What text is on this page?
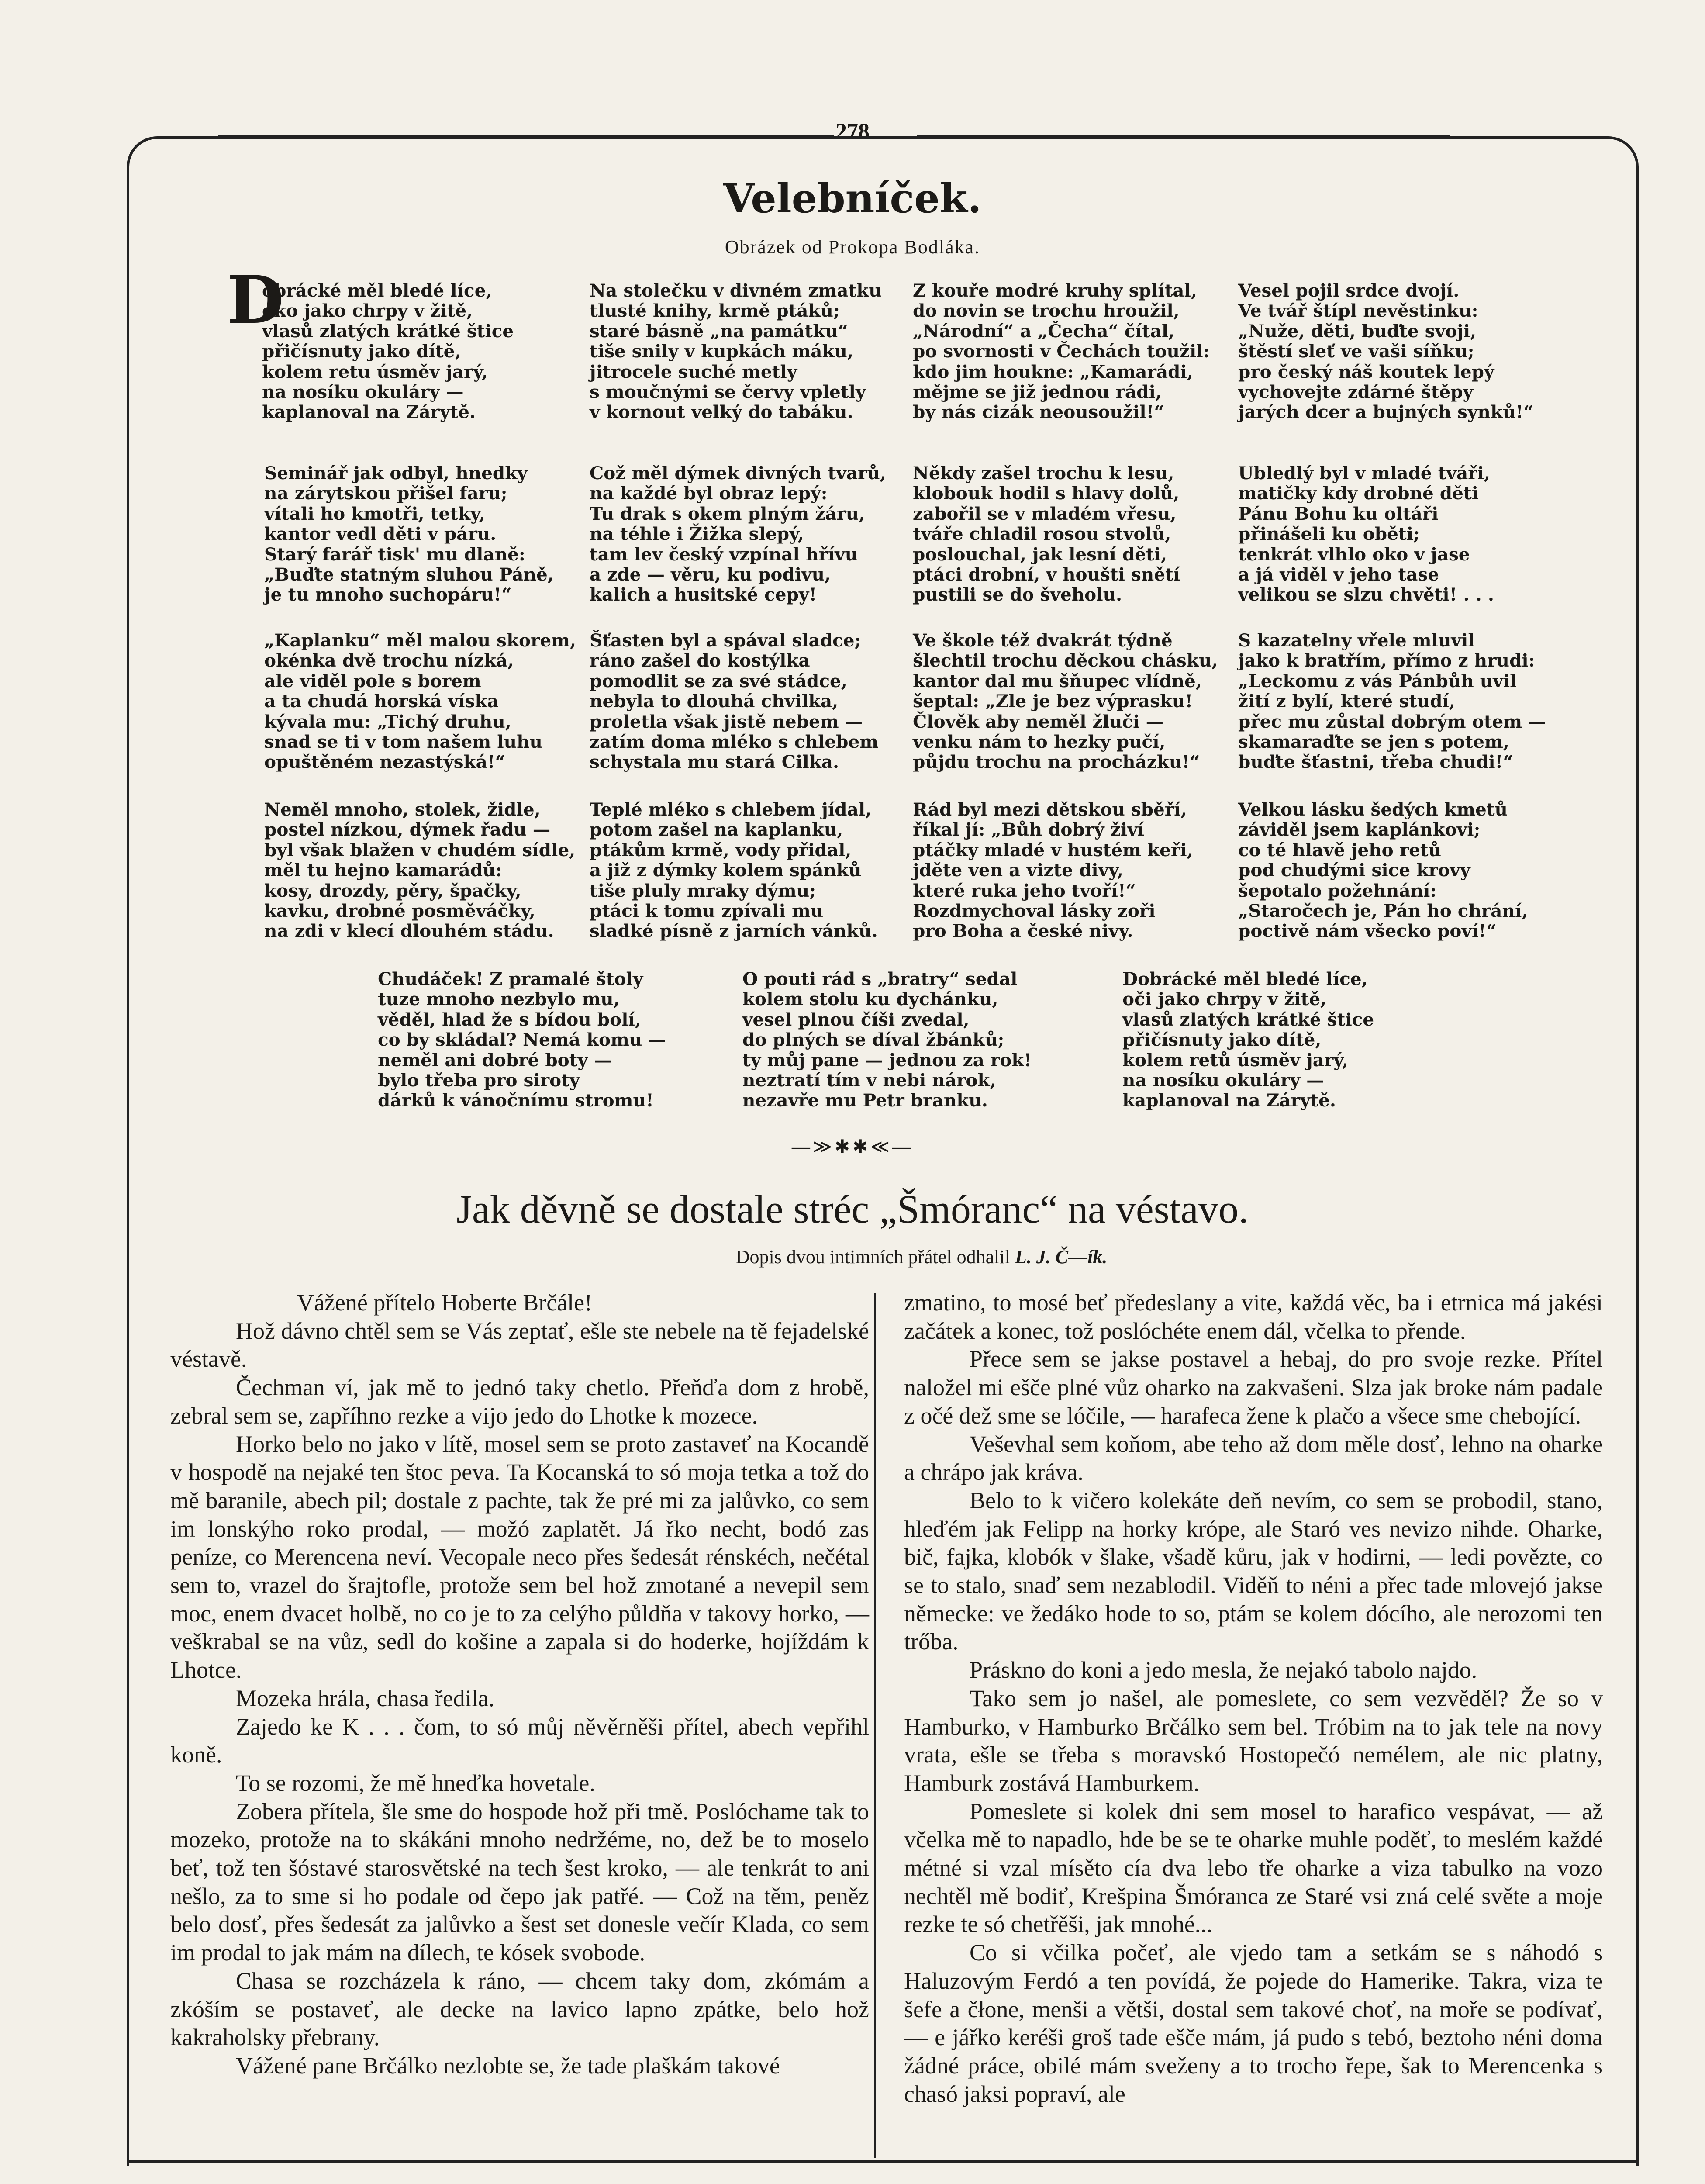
278
Velebníček.
Obrázek od Prokopa Bodláka.
D
obrácké měl bledé líce,
oko jako chrpy v žitě,
vlasů zlatých krátké štice
přičísnuty jako dítě,
kolem retu úsměv jarý,
na nosíku okuláry —
kaplanoval na Zárytě.
Na stolečku v divném zmatku
tlusté knihy, krmě ptáků;
staré básně „na památku“
tiše snily v kupkách máku,
jitrocele suché metly
s moučnými se červy vpletly
v kornout velký do tabáku.
Z kouře modré kruhy splítal,
do novin se trochu hroužil,
„Národní“ a „Čecha“ čítal,
po svornosti v Čechách toužil:
kdo jim houkne: „Kamarádi,
mějme se již jednou rádi,
by nás cizák neousoužil!“
Vesel pojil srdce dvojí.
Ve tvář štípl nevěstinku:
„Nuže, děti, buďte svoji,
štěstí sleť ve vaši síňku;
pro český náš koutek lepý
vychovejte zdárné štěpy
jarých dcer a bujných synků!“
Seminář jak odbyl, hnedky
na zárytskou přišel faru;
vítali ho kmotři, tetky,
kantor vedl děti v páru.
Starý farář tisk' mu dlaně:
„Buďte statným sluhou Páně,
je tu mnoho suchopáru!“
Což měl dýmek divných tvarů,
na každé byl obraz lepý:
Tu drak s okem plným žáru,
na téhle i Žižka slepý,
tam lev český vzpínal hřívu
a zde — věru, ku podivu,
kalich a husitské cepy!
Někdy zašel trochu k lesu,
klobouk hodil s hlavy dolů,
zabořil se v mladém vřesu,
tváře chladil rosou stvolů,
poslouchal, jak lesní děti,
ptáci drobní, v houšti snětí
pustili se do šveholu.
Ubledlý byl v mladé tváři,
matičky kdy drobné děti
Pánu Bohu ku oltáři
přinášeli ku oběti;
tenkrát vlhlo oko v jase
a já viděl v jeho tase
velikou se slzu chvěti! . . .
„Kaplanku“ měl malou skorem,
okénka dvě trochu nízká,
ale viděl pole s borem
a ta chudá horská víska
kývala mu: „Tichý druhu,
snad se ti v tom našem luhu
opuštěném nezastýská!“
Šťasten byl a spával sladce;
ráno zašel do kostýlka
pomodlit se za své stádce,
nebyla to dlouhá chvilka,
proletla však jistě nebem —
zatím doma mléko s chlebem
schystala mu stará Cilka.
Ve škole též dvakrát týdně
šlechtil trochu děckou chásku,
kantor dal mu šňupec vlídně,
šeptal: „Zle je bez výprasku!
Člověk aby neměl žluči —
venku nám to hezky pučí,
půjdu trochu na procházku!“
S kazatelny vřele mluvil
jako k bratřím, přímo z hrudi:
„Leckomu z vás Pánbůh uvil
žití z bylí, které studí,
přec mu zůstal dobrým otem —
skamaraďte se jen s potem,
buďte šťastni, třeba chudi!“
Neměl mnoho, stolek, židle,
postel nízkou, dýmek řadu —
byl však blažen v chudém sídle,
měl tu hejno kamarádů:
kosy, drozdy, pěry, špačky,
kavku, drobné posměváčky,
na zdi v klecí dlouhém stádu.
Teplé mléko s chlebem jídal,
potom zašel na kaplanku,
ptákům krmě, vody přidal,
a již z dýmky kolem spánků
tiše pluly mraky dýmu;
ptáci k tomu zpívali mu
sladké písně z jarních vánků.
Rád byl mezi dětskou sběří,
říkal jí: „Bůh dobrý živí
ptáčky mladé v hustém keři,
jděte ven a vizte divy,
které ruka jeho tvoří!“
Rozdmychoval lásky zoři
pro Boha a české nivy.
Velkou lásku šedých kmetů
záviděl jsem kaplánkovi;
co té hlavě jeho retů
pod chudými sice krovy
šepotalo požehnání:
„Staročech je, Pán ho chrání,
poctivě nám všecko poví!“
Chudáček! Z pramalé štoly
tuze mnoho nezbylo mu,
věděl, hlad že s bídou bolí,
co by skládal? Nemá komu —
neměl ani dobré boty —
bylo třeba pro siroty
dárků k vánočnímu stromu!
O pouti rád s „bratry“ sedal
kolem stolu ku dychánku,
vesel plnou číši zvedal,
do plných se díval žbánků;
ty můj pane — jednou za rok!
neztratí tím v nebi nárok,
nezavře mu Petr branku.
Dobrácké měl bledé líce,
oči jako chrpy v žitě,
vlasů zlatých krátké štice
přičísnuty jako dítě,
kolem retů úsměv jarý,
na nosíku okuláry —
kaplanoval na Zárytě.
—≫✱✱≪—
Jak děvně se dostale stréc „Šmóranc“ na véstavo.
Dopis dvou intimních přátel odhalil L. J. Č—ík.

Vážené přítelo Hoberte Brčále!

Hož dávno chtěl sem se Vás zeptať, ešle ste nebele na tě fejadelské véstavě.

Čechman ví, jak mě to jednó taky chetlo. Přeňďa dom z hrobě, zebral sem se, zapříhno rezke a vijo jedo do Lhotke k mozece.

Horko belo no jako v lítě, mosel sem se proto zastaveť na Kocandě v hospodě na nejaké ten štoc peva. Ta Kocanská to só moja tetka a tož do mě baranile, abech pil; dostale z pachte, tak že pré mi za jalůvko, co sem im lonskýho roko prodal, — možó zaplatět. Já řko necht, bodó zas peníze, co Merencena neví. Vecopale neco přes šedesát rénskéch, nečétal sem to, vrazel do šrajtofle, protože sem bel hož zmotané a nevepil sem moc, enem dvacet holbě, no co je to za celýho půldňa v takovy horko, — veškrabal se na vůz, sedl do košine a zapala si do hoderke, hojíždám k Lhotce.

Mozeka hrála, chasa ředila.

Zajedo ke K . . . čom, to só můj něvěrněši přítel, abech vepřihl koně.

To se rozomi, že mě hneďka hovetale.

Zobera přítela, šle sme do hospode hož při tmě. Poslóchame tak to mozeko, protože na to skákáni mnoho nedržéme, no, dež be to moselo beť, tož ten šóstavé starosvětské na tech šest kroko, — ale tenkrát to ani nešlo, za to sme si ho podale od čepo jak patřé. — Což na těm, peněz belo dosť, přes šedesát za jalůvko a šest set donesle večír Klada, co sem im prodal to jak mám na dílech, te kósek svobode.

Chasa se rozcházela k ráno, — chcem taky dom, zkómám a zkóším se postaveť, ale decke na lavico lapno zpátke, belo hož kakraholsky přebrany.

Vážené pane Brčálko nezlobte se, že tade plaškám takové

zmatino, to mosé beť předeslany a vite, každá věc, ba i etrnica má jakési začátek a konec, tož poslóchéte enem dál, včelka to přende.

Přece sem se jakse postavel a hebaj, do pro svoje rezke. Přítel naložel mi ešče plné vůz oharko na zakvašeni. Slza jak broke nám padale z očé dež sme se lóčile, — harafeca žene k plačo a všece sme chebojící.

Veševhal sem koňom, abe teho až dom měle dosť, lehno na oharke a chrápo jak kráva.

Belo to k vičero kolekáte deň nevím, co sem se probodil, stano, hleďém jak Felipp na horky krópe, ale Staró ves nevizo nihde. Oharke, bič, fajka, klobók v šlake, všadě kůru, jak v hodirni, — ledi povězte, co se to stalo, snaď sem nezablodil. Viděň to néni a přec tade mlovejó jakse německe: ve žedáko hode to so, ptám se kolem dócího, ale nerozomi ten trőba.

Práskno do koni a jedo mesla, že nejakó tabolo najdo.

Tako sem jo našel, ale pomeslete, co sem vezvěděl? Že so v Hamburko, v Hamburko Brčálko sem bel. Tróbim na to jak tele na novy vrata, ešle se třeba s moravskó Hostopečó nemélem, ale nic platny, Hamburk zostává Hamburkem.

Pomeslete si kolek dni sem mosel to harafico vespávat, — až včelka mě to napadlo, hde be se te oharke muhle poděť, to meslém každé métné si vzal mísěto cía dva lebo tře oharke a viza tabulko na vozo nechtěl mě bodiť, Krešpina Šmóranca ze Staré vsi zná celé světe a moje rezke te só chetřěši, jak mnohé...

Co si včilka počeť, ale vjedo tam a setkám se s náhodó s Haluzovým Ferdó a ten povídá, že pojede do Hamerike. Takra, viza te šefe a čłone, menši a větši, dostal sem takové choť, na moře se podívať, — e jářko keréši groš tade ešče mám, já pudo s tebó, beztoho néni doma žádné práce, obilé mám sveženy a to trocho řepe, šak to Merencenka s chasó jaksi popraví, ale
